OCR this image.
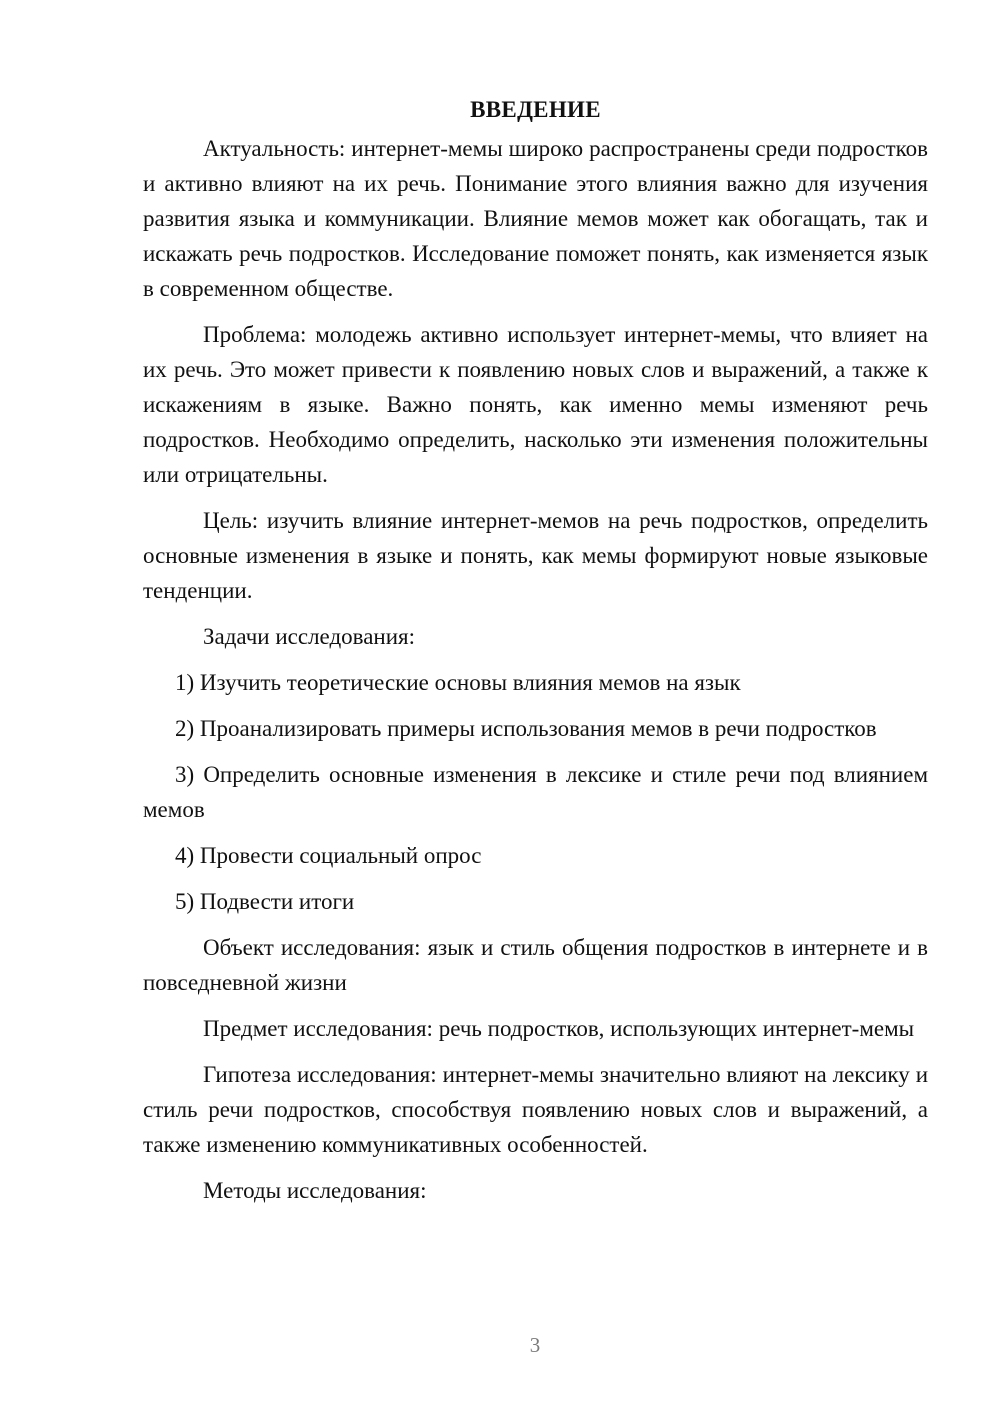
ВВЕДЕНИЕ

Актуальность: интернет-мемы широко распространены среди подростков и активно влияют на их речь. Понимание этого влияния важно для изучения развития языка и коммуникации. Влияние мемов может как обогащать, так и искажать речь подростков. Исследование поможет понять, как изменяется язык в современном обществе.

Проблема: молодежь активно использует интернет-мемы, что влияет на их речь. Это может привести к появлению новых слов и выражений, а также к искажениям в языке. Важно понять, как именно мемы изменяют речь подростков. Необходимо определить, насколько эти изменения положительны или отрицательны.

Цель: изучить влияние интернет-мемов на речь подростков, определить основные изменения в языке и понять, как мемы формируют новые языковые тенденции.

Задачи исследования:

1) Изучить теоретические основы влияния мемов на язык

2) Проанализировать примеры использования мемов в речи подростков

3) Определить основные изменения в лексике и стиле речи под влиянием мемов

4) Провести социальный опрос

5) Подвести итоги

Объект исследования: язык и стиль общения подростков в интернете и в повседневной жизни

Предмет исследования: речь подростков, использующих интернет-мемы

Гипотеза исследования: интернет-мемы значительно влияют на лексику и стиль речи подростков, способствуя появлению новых слов и выражений, а также изменению коммуникативных особенностей.

Методы исследования:

3
